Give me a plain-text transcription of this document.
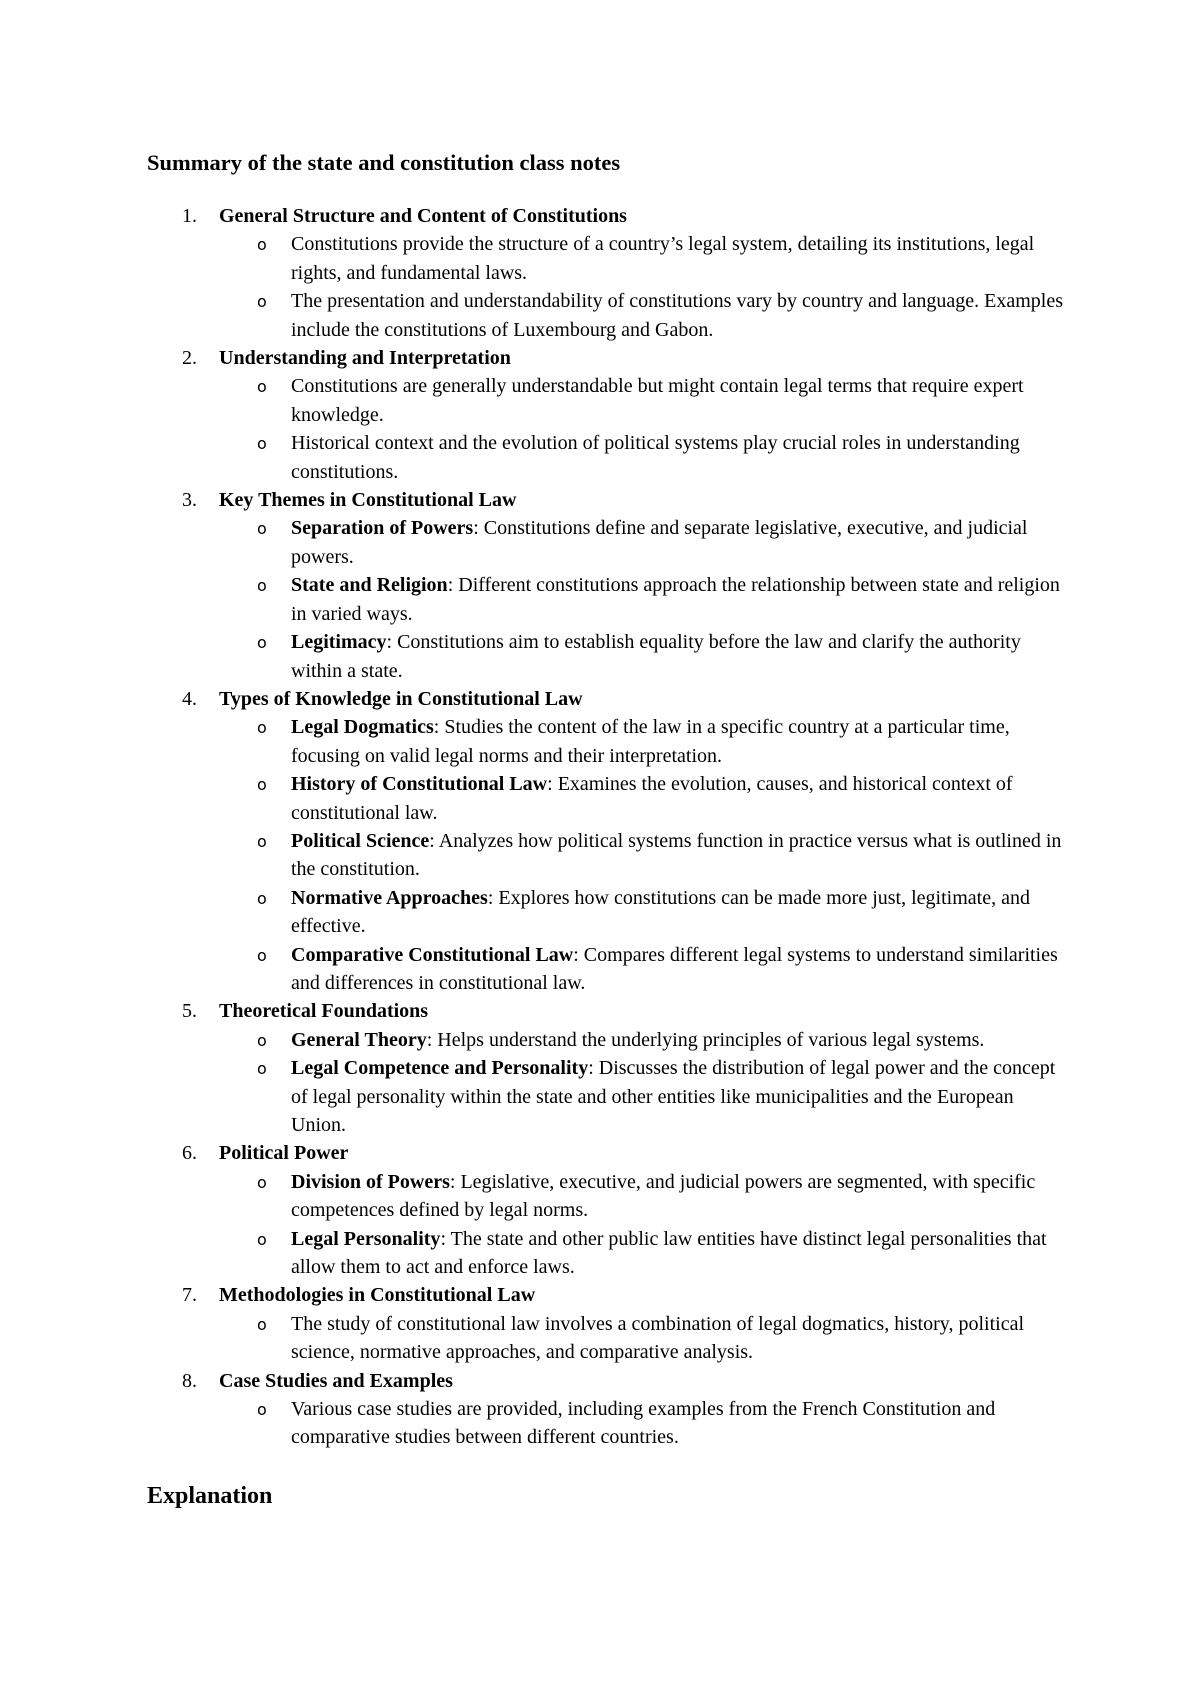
Summary of the state and constitution class notes
1.	General Structure and Content of Constitutions
o Constitutions provide the structure of a country’s legal system, detailing its institutions, legal rights, and fundamental laws.
o The presentation and understandability of constitutions vary by country and language. Examples include the constitutions of Luxembourg and Gabon.
2.	Understanding and Interpretation
o Constitutions are generally understandable but might contain legal terms that require expert knowledge.
o Historical context and the evolution of political systems play crucial roles in understanding constitutions.
3.	Key Themes in Constitutional Law
o Separation of Powers: Constitutions define and separate legislative, executive, and judicial powers.
o State and Religion: Different constitutions approach the relationship between state and religion in varied ways.
o Legitimacy: Constitutions aim to establish equality before the law and clarify the authority within a state.
4.	Types of Knowledge in Constitutional Law
o Legal Dogmatics: Studies the content of the law in a specific country at a particular time, focusing on valid legal norms and their interpretation.
o History of Constitutional Law: Examines the evolution, causes, and historical context of constitutional law.
o Political Science: Analyzes how political systems function in practice versus what is outlined in the constitution.
o Normative Approaches: Explores how constitutions can be made more just, legitimate, and effective.
o Comparative Constitutional Law: Compares different legal systems to understand similarities and differences in constitutional law.
5.	Theoretical Foundations
o General Theory: Helps understand the underlying principles of various legal systems.
o Legal Competence and Personality: Discusses the distribution of legal power and the concept of legal personality within the state and other entities like municipalities and the European Union.
6.	Political Power
o Division of Powers: Legislative, executive, and judicial powers are segmented, with specific competences defined by legal norms.
o Legal Personality: The state and other public law entities have distinct legal personalities that allow them to act and enforce laws.
7.	Methodologies in Constitutional Law
o The study of constitutional law involves a combination of legal dogmatics, history, political science, normative approaches, and comparative analysis.
8.	Case Studies and Examples
o Various case studies are provided, including examples from the French Constitution and comparative studies between different countries.
Explanation
